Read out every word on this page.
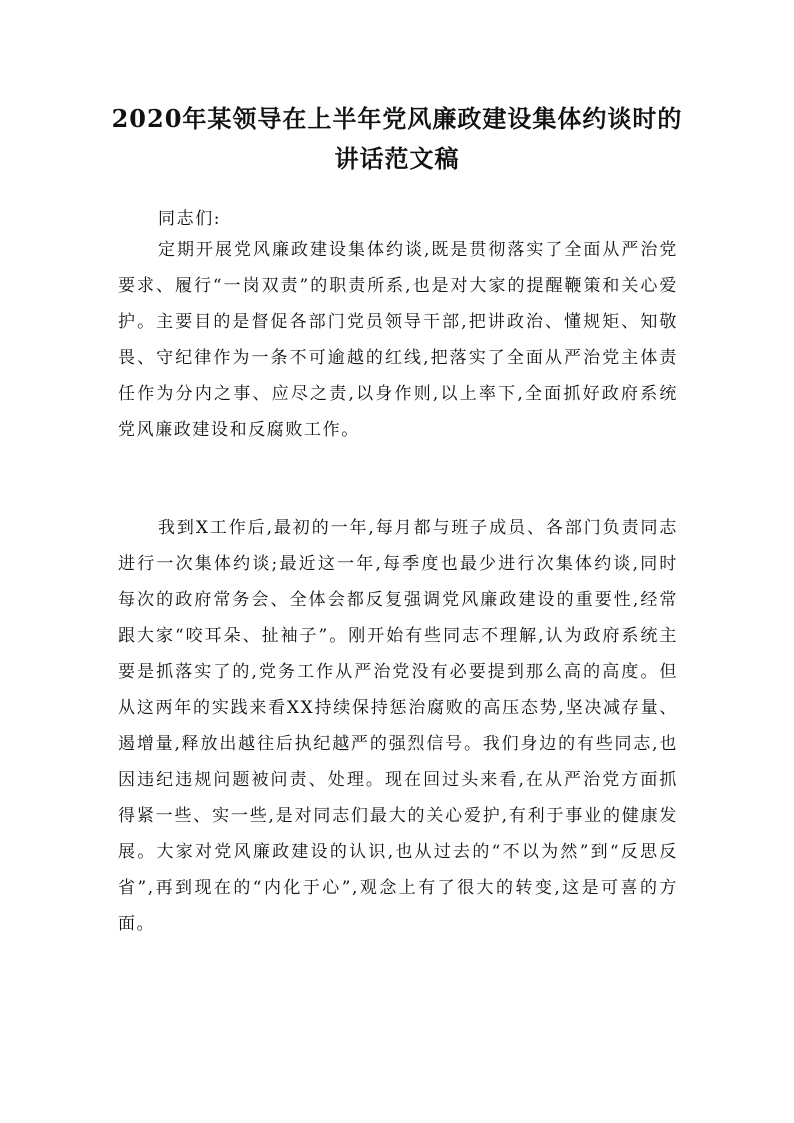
2020年某领导在上半年党风廉政建设集体约谈时的
讲话范文稿

同志们:

定期开展党风廉政建设集体约谈,既是贯彻落实了全面从严治党要求、履行“一岗双责”的职责所系,也是对大家的提醒鞭策和关心爱护。主要目的是督促各部门党员领导干部,把讲政治、懂规矩、知敬畏、守纪律作为一条不可逾越的红线,把落实了全面从严治党主体责任作为分内之事、应尽之责,以身作则,以上率下,全面抓好政府系统党风廉政建设和反腐败工作。

我到X工作后,最初的一年,每月都与班子成员、各部门负责同志进行一次集体约谈;最近这一年,每季度也最少进行次集体约谈,同时每次的政府常务会、全体会都反复强调党风廉政建设的重要性,经常跟大家“咬耳朵、扯袖子”。刚开始有些同志不理解,认为政府系统主要是抓落实了的,党务工作从严治党没有必要提到那么高的高度。但从这两年的实践来看XX持续保持惩治腐败的高压态势,坚决减存量、遏增量,释放出越往后执纪越严的强烈信号。我们身边的有些同志,也因违纪违规问题被问责、处理。现在回过头来看,在从严治党方面抓得紧一些、实一些,是对同志们最大的关心爱护,有利于事业的健康发展。大家对党风廉政建设的认识,也从过去的“不以为然”到“反思反省”,再到现在的“内化于心”,观念上有了很大的转变,这是可喜的方面。
